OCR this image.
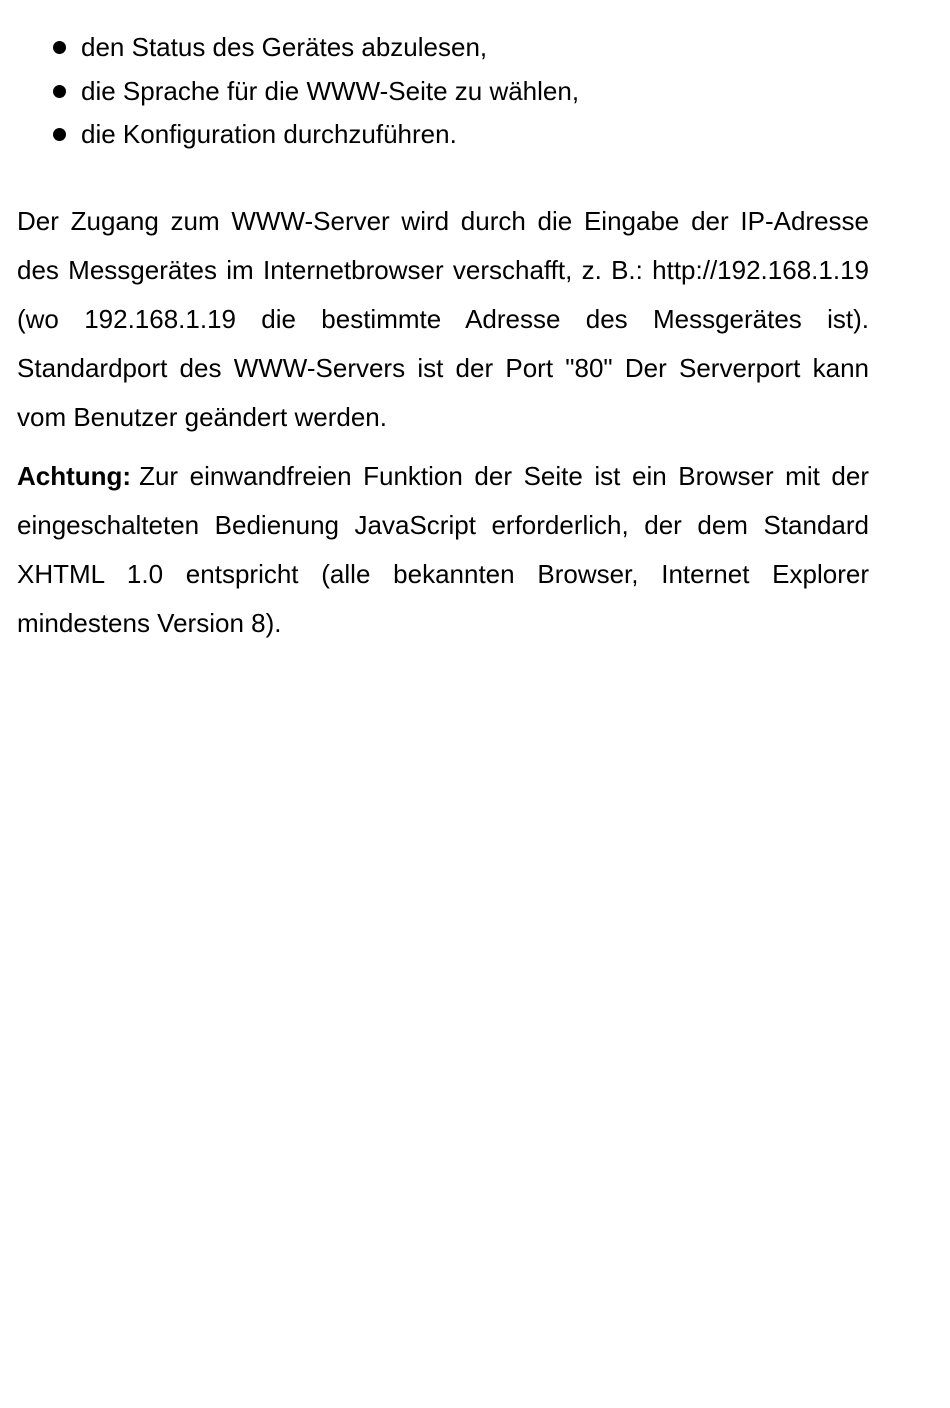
den Status des Gerätes abzulesen,
die Sprache für die WWW-Seite zu wählen,
die Konfiguration durchzuführen.

Der Zugang zum WWW-Server wird durch die Eingabe der IP-Adresse des Messgerätes im Internetbrowser verschafft, z. B.: http://192.168.1.19 (wo 192.168.1.19 die bestimmte Adresse des Messgerätes ist). Standardport des WWW-Servers ist der Port "80" Der Serverport kann vom Benutzer geändert werden.

Achtung: Zur einwandfreien Funktion der Seite ist ein Browser mit der eingeschalteten Bedienung JavaScript erforderlich, der dem Standard XHTML 1.0 entspricht (alle bekannten Browser, Internet Explorer mindestens Version 8).
